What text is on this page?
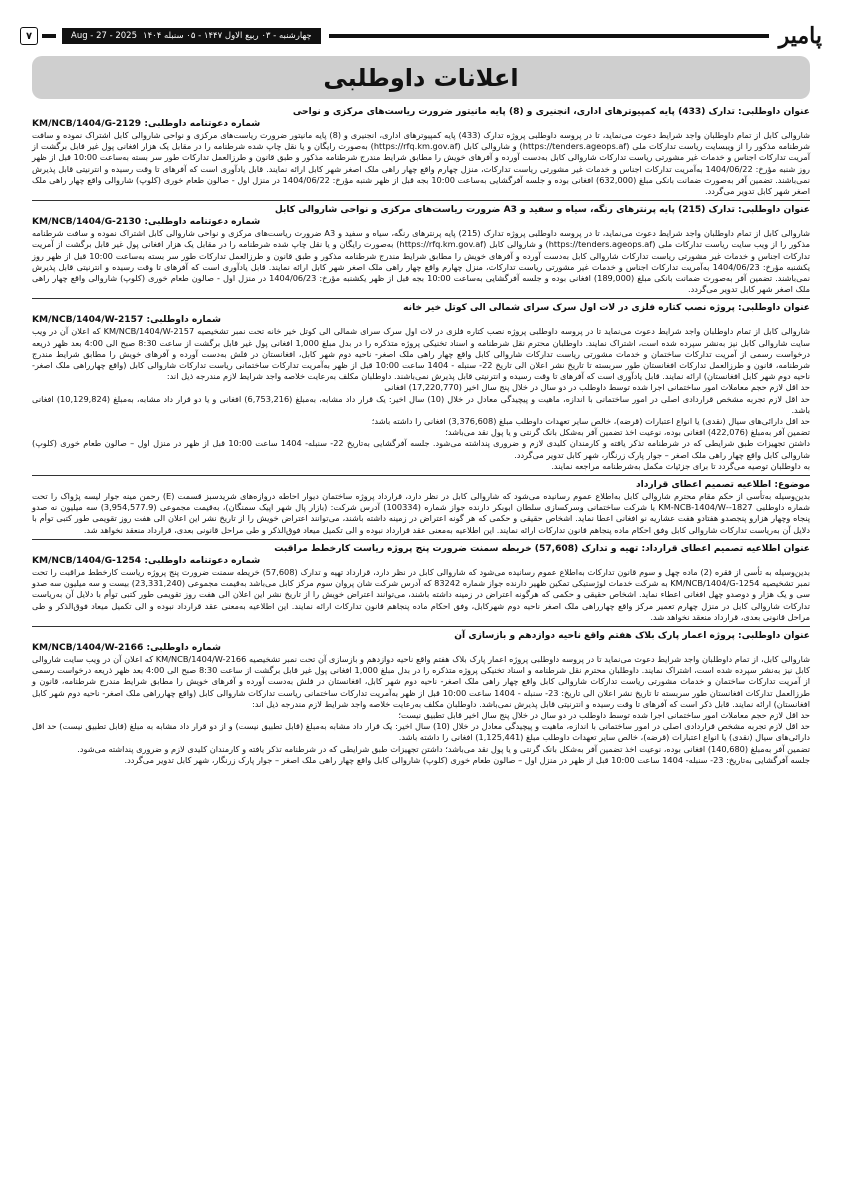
پامیر
چهارشنبه - ۰۳ ربیع الاول ۱۴۴۷ - ۰۵ سنبله ۱۴۰۴
Aug - 27 - 2025
۷
اعلانات داوطلبی
عنوان داوطلبی: تدارک (433) پایه کمپیوترهای اداری، انجنیری و (8) پایه مانیتور ضرورت ریاست‌های مرکزی و نواحی
شماره دعوتنامه داوطلبی: KM/NCB/1404/G-2129

شاروالی کابل از تمام داوطلبان واجد شرایط دعوت می‌نماید، تا در پروسه داوطلبی پروژه تدارک (433) پایه کمپیوترهای اداری، انجنیری و (8) پایه مانیتور ضرورت ریاست‌های مرکزی و نواحی شاروالی کابل اشتراک نموده و سافت شرطنامه مذکور را از ویبسایت ریاست تدارکات ملی (https://tenders.ageops.af) و شاروالی کابل (https://rfq.km.gov.af) به‌صورت رایگان و یا نقل چاپ شده شرطنامه را در مقابل یک هزار افغانی پول غیر قابل برگشت از آمریت تدارکات اجناس و خدمات غیر مشورتی ریاست تدارکات شاروالی کابل به‌دست آورده و آفرهای خویش را مطابق شرایط مندرج شرطنامه مذکور و طبق قانون و طرزالعمل تدارکات طور سر بسته به‌ساعت 10:00 قبل از ظهر روز شنبه مؤرخ: 1404/06/22 به‌آمریت تدارکات اجناس و خدمات غیر مشورتی ریاست تدارکات، منزل چهارم واقع چهار راهی ملک اصغر شهر کابل ارائه نمایند. قابل یادآوری است که آفرهای تا وقت رسیده و انترنیتی قابل پذیرش نمی‌باشند. تضمین آفر به‌صورت ضمانت بانکی مبلغ (632,000) افغانی بوده و جلسه آفرگشایی به‌ساعت 10:00 بجه قبل از ظهر شنبه مؤرخ: 1404/06/22 در منزل اول - صالون طعام خوری (کلوپ) شاروالی واقع چهار راهی ملک اصغر شهر کابل تدویر می‌گردد.

عنوان داوطلبی: تدارک (215) پایه پرنترهای رنگه، سیاه و سفید و A3 ضرورت ریاست‌های مرکزی و نواحی شاروالی کابل
شماره دعوتنامه داوطلبی: KM/NCB/1404/G-2130

شاروالی کابل از تمام داوطلبان واجد شرایط دعوت می‌نماید، تا در پروسه داوطلبی پروژه تدارک (215) پایه پرنترهای رنگه، سیاه و سفید و A3 ضرورت ریاست‌های مرکزی و نواحی شاروالی کابل اشتراک نموده و سافت شرطنامه مذکور را از ویب سایت ریاست تدارکات ملی (https://tenders.ageops.af) و شاروالی کابل (https://rfq.km.gov.af) به‌صورت رایگان و یا نقل چاپ شده شرطنامه را در مقابل یک هزار افغانی پول غیر قابل برگشت از آمریت تدارکات اجناس و خدمات غیر مشورتی ریاست تدارکات شاروالی کابل به‌دست آورده و آفرهای خویش را مطابق شرایط مندرج شرطنامه مذکور و طبق قانون و طرزالعمل تدارکات طور سر بسته به‌ساعت 10:00 قبل از ظهر روز یکشنبه مؤرخ: 1404/06/23 به‌آمریت تدارکات اجناس و خدمات غیر مشورتی ریاست تدارکات، منزل چهارم واقع چهار راهی ملک اصغر شهر کابل ارائه نمایند. قابل یادآوری است که آفرهای تا وقت رسیده و انترنیتی قابل پذیرش نمی‌باشند. تضمین آفر به‌صورت ضمانت بانکی مبلغ (189,000) افغانی بوده و جلسه آفرگشایی به‌ساعت 10:00 بجه قبل از ظهر یکشنبه مؤرخ: 1404/06/23 در منزل اول - صالون طعام خوری (کلوپ) شاروالی واقع چهار راهی ملک اصغر شهر کابل تدویر می‌گردد.

عنوان داوطلبی: پروژه نصب کتاره فلزی در لات اول سرک سرای شمالی الی کوتل خیر خانه
شماره داوطلبی: KM/NCB/1404/W-2157

شاروالی کابل از تمام داوطلبان واجد شرایط دعوت می‌نماید تا در پروسه داوطلبی پروژه نصب کتاره فلزی در لات اول سرک سرای شمالی الی کوتل خیر خانه تحت نمبر تشخیصیه KM/NCB/1404/W-2157 که اعلان آن در ویب سایت شاروالی کابل نیز به‌نشر سپرده شده است، اشتراک نمایند. داوطلبان محترم نقل شرطنامه و اسناد تخنیکی پروژه متذکره را در بدل مبلغ 1,000 افغانی پول غیر قابل برگشت از ساعت 8:30 صبح الی 4:00 بعد ظهر ذریعه درخواست رسمی از آمریت تدارکات ساختمان و خدمات مشورتی ریاست تدارکات شاروالی کابل واقع چهار راهی ملک اصغر- ناحیه دوم شهر کابل، افغانستان در فلش به‌دست آورده و آفرهای خویش را مطابق شرایط مندرج شرطنامه، قانون و طرزالعمل تدارکات افغانستان طور سربسته تا تاریخ نشر اعلان الی تاریخ 22- سنبله - 1404 ساعت 10:00 قبل از ظهر به‌آمریت تدارکات ساختمانی ریاست تدارکات شاروالی کابل (واقع چهارراهی ملک اصغر- ناحیه دوم شهر کابل افغانستان) ارائه نمایند. قابل یادآوری است که آفرهای تا وقت رسیده و انترنیتی قابل پذیرش نمی‌باشند. داوطلبان مکلف به‌رعایت خلاصه واجد شرایط لازم مندرجه ذیل اند:

حد اقل لازم حجم معاملات امور ساختمانی اجرا شده توسط داوطلب در دو سال در خلال پنج سال اخیر (17,220,770) افغانی

حد اقل لازم تجربه مشخص قراردادی اصلی در امور ساختمانی با اندازه، ماهیت و پیچیدگی معادل در خلال (10) سال اخیر: یک قرار داد مشابه، به‌مبلغ (6,753,216) افغانی و یا دو قرار داد مشابه، به‌مبلغ (10,129,824) افغانی باشد.

حد اقل دارائی‌های سیال (نقدی) یا انواع اعتبارات (قرضه)، خالص سایر تعهدات داوطلب مبلغ (3,376,608) افغانی را داشته باشد؛

تضمین آفر به‌مبلغ (422,076) افغانی بوده، نوعیت اخذ تضمین آفر به‌شکل بانک گرنتی و یا پول نقد می‌باشد؛

داشتن تجهیزات طبق شرایطی که در شرطنامه تذکر یافته و کارمندان کلیدی لازم و ضروری پنداشته می‌شود. جلسه آفرگشایی به‌تاریخ 22- سنبله- 1404 ساعت 10:00 قبل از ظهر در منزل اول – صالون طعام خوری (کلوپ) شاروالی کابل واقع چهار راهی ملک اصغر – جوار پارک زرنگار، شهر کابل تدویر می‌گردد.

به داوطلبان توصیه می‌گردد تا برای جزئیات مکمل به‌شرطنامه مراجعه نمایند.

موضوع: اطلاعیه تصمیم اعطای قرارداد

بدین‌وسیله به‌تأسی از حکم مقام محترم شاروالی کابل به‌اطلاع عموم رسانیده می‌شود که شاروالی کابل در نظر دارد، قرارداد پروژه ساختمان دیوار احاطه دروازه‌های شریدسبز قسمت (E) رحمن مینه جوار لیسه پژواک را تحت شماره داوطلبی 1827--KM-NCB-1404/W با شرکت ساختمانی وسرکسازی سلطان ابوبکر دارنده جواز شماره (100334) آدرس شرکت: (بازار پال شهر اپیک سمنگان)، به‌قیمت مجموعی (3,954,577.9) سه میلیون نه صدو پنجاه وچهار هزارو پنجصدو هفتادو هفت عشاریه نو افغانی اعطا نماید. اشخاص حقیقی و حکمی که هر گونه اعتراض در زمینه داشته باشند، می‌توانند اعتراض خویش را از تاریخ نشر این اعلان الی هفت روز تقویمی طور کتبی توأم با دلایل آن به‌ریاست تدارکات شاروالی کابل وفق احکام ماده پنجاهم قانون تدارکات ارائه نمایند. این اطلاعیه به‌معنی عقد قرارداد نبوده و الی تکمیل میعاد فوق‌الذکر و طی مراحل قانونی بعدی، قرارداد منعقد نخواهد شد.

عنوان اطلاعیه تصمیم اعطای قرارداد: تهیه و تدارک (57,608) خریطه سمنت ضرورت پنج پروژه ریاست کارخطط مراقبت
شماره دعوتنامه داوطلبی: KM/NCB/1404/G-1254

بدین‌وسیله به تأسی از فقره (2) ماده چهل و سوم قانون تدارکات به‌اطلاع عموم رسانیده می‌شود که شاروالی کابل در نظر دارد، قرارداد تهیه و تدارک (57,608) خریطه سمنت ضرورت پنج پروژه ریاست کارخطط مراقبت را تحت نمبر تشخیصیه KM/NCB/1404/G-1254 به شرکت خدمات لوژستیکی تمکین ظهیر دارنده جواز شماره 83242 که آدرس شرکت شان پروان سوم مرکز کابل می‌باشد به‌قیمت مجموعی (23,331,240) بیست و سه میلیون سه صدو سی و یک هزار و دوصدو چهل افغانی اعطاء نماید. اشخاص حقیقی و حکمی که هرگونه اعتراض در زمینه داشته باشند، می‌توانند اعتراض خویش را از تاریخ نشر این اعلان الی هفت روز تقویمی طور کتبی توأم با دلایل آن به‌ریاست تدارکات شاروالی کابل در منزل چهارم تعمیر مرکز واقع چهارراهی ملک اصغر ناحیه دوم شهرکابل، وفق احکام ماده پنجاهم قانون تدارکات ارائه نمایند. این اطلاعیه به‌معنی عقد قرارداد نبوده و الی تکمیل میعاد فوق‌الذکر و طی مراحل قانونی بعدی، قرارداد منعقد نخواهد شد.

عنوان داوطلبی: پروژه اعمار پارک بلاک هفتم واقع ناحیه دوازدهم و بازسازی آن
شماره داوطلبی: KM/NCB/1404/W-2166

شاروالی کابل، از تمام داوطلبان واجد شرایط دعوت می‌نماید تا در پروسه داوطلبی پروژه اعمار پارک بلاک هفتم واقع ناحیه دوازدهم و بازسازی آن تحت نمبر تشخیصیه KM/NCB/1404/W-2166 که اعلان آن در ویب سایت شاروالی کابل نیز به‌نشر سپرده شده است، اشتراک نمایند. داوطلبان محترم نقل شرطنامه و اسناد تخنیکی پروژه متذکره را در بدل مبلغ 1,000 افغانی پول غیر قابل برگشت از ساعت 8:30 صبح الی 4:00 بعد ظهر ذریعه درخواست رسمی از آمریت تدارکات ساختمان و خدمات مشورتی ریاست تدارکات شاروالی کابل واقع چهار راهی ملک اصغر- ناحیه دوم شهر کابل، افغانستان در فلش به‌دست آورده و آفرهای خویش را مطابق شرایط مندرج شرطنامه، قانون و طرزالعمل تدارکات افغانستان طور سربسته تا تاریخ نشر اعلان الی تاریخ: 23- سنبله - 1404 ساعت 10:00 قبل از ظهر به‌آمریت تدارکات ساختمانی ریاست تدارکات شاروالی کابل (واقع چهارراهی ملک اصغر- ناحیه دوم شهر کابل افغانستان) ارائه نمایند. قابل ذکر است که آفرهای تا وقت رسیده و انترنیتی قابل پذیرش نمی‌باشد. داوطلبان مکلف به‌رعایت خلاصه واجد شرایط لازم مندرجه ذیل اند:

حد اقل لازم حجم معاملات امور ساختمانی اجرا شده توسط داوطلب در دو سال در خلال پنج سال اخیر قابل تطبیق نیست؛

حد اقل لازم تجربه مشخص قراردادی اصلی در امور ساختمانی با اندازه، ماهیت و پیچیدگی معادل در خلال (10) سال اخیر: یک قرار داد مشابه به‌مبلغ (قابل تطبیق نیست) و از دو قرار داد مشابه به مبلغ (قابل تطبیق نیست) حد اقل دارائی‌های سیال (نقدی) یا انواع اعتبارات (قرضه)، خالص سایر تعهدات داوطلب مبلغ (1,125,441) افغانی را داشته باشد.

تضمین آفر به‌مبلغ (140,680) افغانی بوده، نوعیت اخذ تضمین آفر به‌شکل بانک گرنتی و یا پول نقد می‌باشد؛ داشتن تجهیزات طبق شرایطی که در شرطنامه تذکر یافته و کارمندان کلیدی لازم و ضروری پنداشته می‌شود.

جلسه آفرگشایی به‌تاریخ: 23- سنبله- 1404 ساعت 10:00 قبل از ظهر در منزل اول – صالون طعام خوری (کلوپ) شاروالی کابل واقع چهار راهی ملک اصغر – جوار پارک زرنگار، شهر کابل تدویر می‌گردد.
